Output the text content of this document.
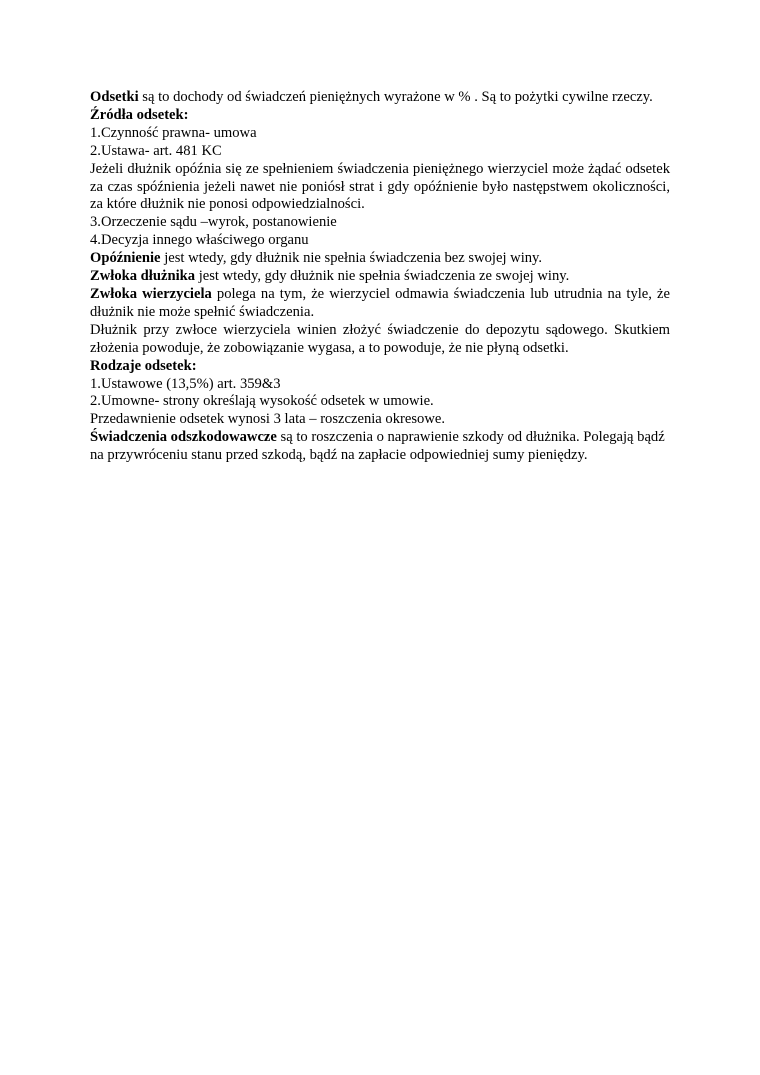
Odsetki są to dochody od świadczeń pieniężnych wyrażone w % . Są to pożytki cywilne rzeczy.

Źródła odsetek:

1.Czynność prawna- umowa

2.Ustawa- art. 481 KC

Jeżeli dłużnik opóźnia się ze spełnieniem świadczenia pieniężnego wierzyciel może żądać odsetek za czas spóźnienia jeżeli nawet nie poniósł strat i gdy opóźnienie było następstwem okoliczności, za które dłużnik nie ponosi odpowiedzialności.

3.Orzeczenie sądu –wyrok, postanowienie

4.Decyzja innego właściwego organu

Opóźnienie jest wtedy, gdy dłużnik nie spełnia świadczenia bez swojej winy.

Zwłoka dłużnika jest wtedy, gdy dłużnik nie spełnia świadczenia ze swojej winy.

Zwłoka wierzyciela polega na tym, że wierzyciel odmawia świadczenia lub utrudnia na tyle, że dłużnik nie może spełnić świadczenia.

Dłużnik przy zwłoce wierzyciela winien złożyć świadczenie do depozytu sądowego. Skutkiem złożenia powoduje, że zobowiązanie wygasa, a to powoduje, że nie płyną odsetki.

Rodzaje odsetek:

1.Ustawowe (13,5%) art. 359&3

2.Umowne- strony określają wysokość odsetek w umowie.

Przedawnienie odsetek wynosi 3 lata – roszczenia okresowe.

Świadczenia odszkodowawcze są to roszczenia o naprawienie szkody od dłużnika. Polegają bądź na przywróceniu stanu przed szkodą, bądź na zapłacie odpowiedniej sumy pieniędzy.
